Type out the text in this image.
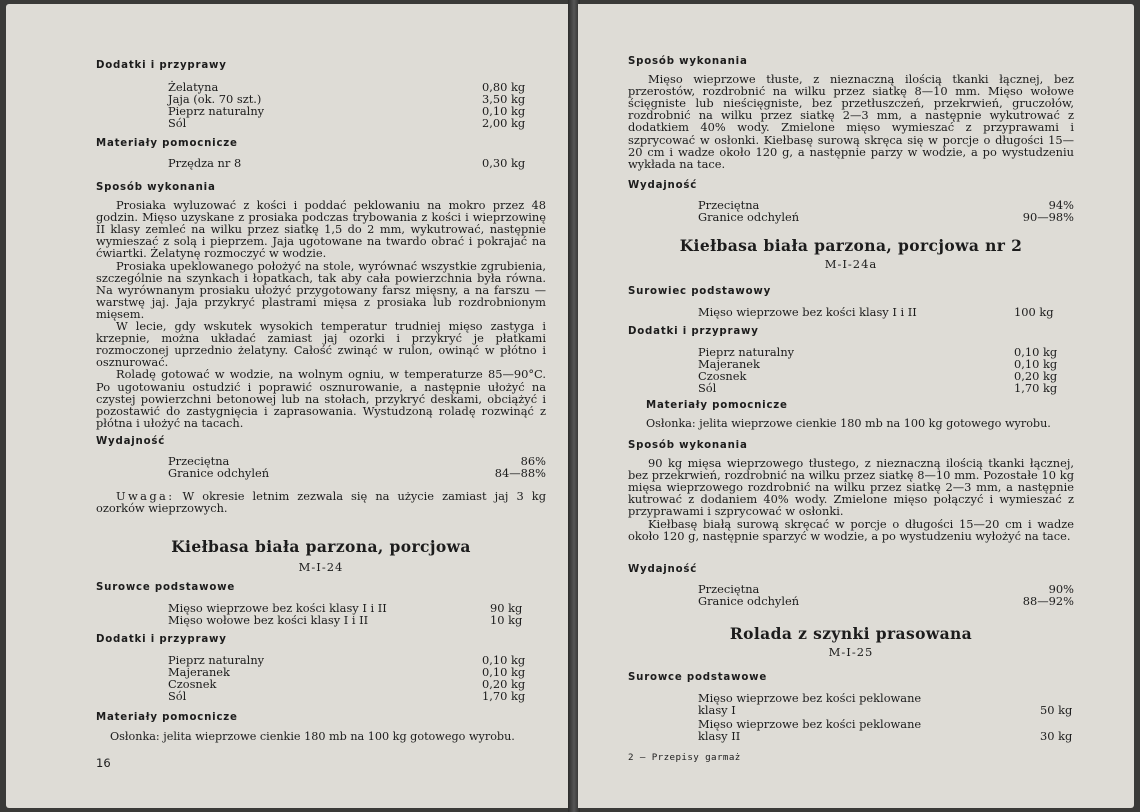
Dodatki i przyprawy

Żelatyna	0,80 kg
Jaja (ok. 70 szt.)	3,50 kg
Pieprz naturalny	0,10 kg
Sól	2,00 kg

Materiały pomocnicze

Przędza nr 8	0,30 kg

Sposób wykonania

Prosiaka wyluzować z kości i poddać peklowaniu na mokro przez 48 godzin. Mięso uzyskane z prosiaka podczas trybowania z kości i wieprzowinę II klasy zemleć na wilku przez siatkę 1,5 do 2 mm, wykutrować, następnie wymieszać z solą i pieprzem. Jaja ugotowane na twardo obrać i pokrajać na ćwiartki. Żelatynę rozmoczyć w wodzie.

Prosiaka upeklowanego położyć na stole, wyrównać wszystkie zgrubienia, szczególnie na szynkach i łopatkach, tak aby cała powierzchnia była równa. Na wyrównanym prosiaku ułożyć przygotowany farsz mięsny, a na farszu — warstwę jaj. Jaja przykryć plastrami mięsa z prosiaka lub rozdrobnionym mięsem.

W lecie, gdy wskutek wysokich temperatur trudniej mięso zastyga i krzepnie, można układać zamiast jaj ozorki i przykryć je płatkami rozmoczonej uprzednio żelatyny. Całość zwinąć w rulon, owinąć w płótno i osznurować.

Roladę gotować w wodzie, na wolnym ogniu, w temperaturze 85—90°C. Po ugotowaniu ostudzić i poprawić osznurowanie, a następnie ułożyć na czystej powierzchni betonowej lub na stołach, przykryć deskami, obciążyć i pozostawić do zastygnięcia i zaprasowania. Wystudzoną roladę rozwinąć z płótna i ułożyć na tacach.

Wydajność

Przeciętna	86%
Granice odchyleń	84—88%

Uwaga: W okresie letnim zezwala się na użycie zamiast jaj 3 kg ozorków wieprzowych.

Kiełbasa biała parzona, porcjowa

M-I-24

Surowce podstawowe

Mięso wieprzowe bez kości klasy I i II	90 kg
Mięso wołowe bez kości klasy I i II	10 kg

Dodatki i przyprawy

Pieprz naturalny	0,10 kg
Majeranek	0,10 kg
Czosnek	0,20 kg
Sól	1,70 kg

Materiały pomocnicze

Osłonka: jelita wieprzowe cienkie 180 mb na 100 kg gotowego wyrobu.

16

Sposób wykonania

Mięso wieprzowe tłuste, z nieznaczną ilością tkanki łącznej, bez przerostów, rozdrobnić na wilku przez siatkę 8—10 mm. Mięso wołowe ścięgniste lub nieścięgniste, bez przetłuszczeń, przekrwień, gruczołów, rozdrobnić na wilku przez siatkę 2—3 mm, a następnie wykutrować z dodatkiem 40% wody. Zmielone mięso wymieszać z przyprawami i szprycować w osłonki. Kiełbasę surową skręca się w porcje o długości 15—20 cm i wadze około 120 g, a następnie parzy w wodzie, a po wystudzeniu wykłada na tace.

Wydajność

Przeciętna	94%
Granice odchyleń	90—98%

Kiełbasa biała parzona, porcjowa nr 2

M-I-24a

Surowiec podstawowy

Mięso wieprzowe bez kości klasy I i II	100 kg

Dodatki i przyprawy

Pieprz naturalny	0,10 kg
Majeranek	0,10 kg
Czosnek	0,20 kg
Sól	1,70 kg

Materiały pomocnicze

Osłonka: jelita wieprzowe cienkie 180 mb na 100 kg gotowego wyrobu.

Sposób wykonania

90 kg mięsa wieprzowego tłustego, z nieznaczną ilością tkanki łącznej, bez przekrwień, rozdrobnić na wilku przez siatkę 8—10 mm. Pozostałe 10 kg mięsa wieprzowego rozdrobnić na wilku przez siatkę 2—3 mm, a następnie kutrować z dodaniem 40% wody. Zmielone mięso połączyć i wymieszać z przyprawami i szprycować w osłonki.

Kiełbasę białą surową skręcać w porcje o długości 15—20 cm i wadze około 120 g, następnie sparzyć w wodzie, a po wystudzeniu wyłożyć na tace.

Wydajność

Przeciętna	90%
Granice odchyleń	88—92%

Rolada z szynki prasowana

M-I-25

Surowce podstawowe

Mięso wieprzowe bez kości peklowane
klasy I	50 kg
Mięso wieprzowe bez kości peklowane
klasy II	30 kg
2 — Przepisy garmaż
